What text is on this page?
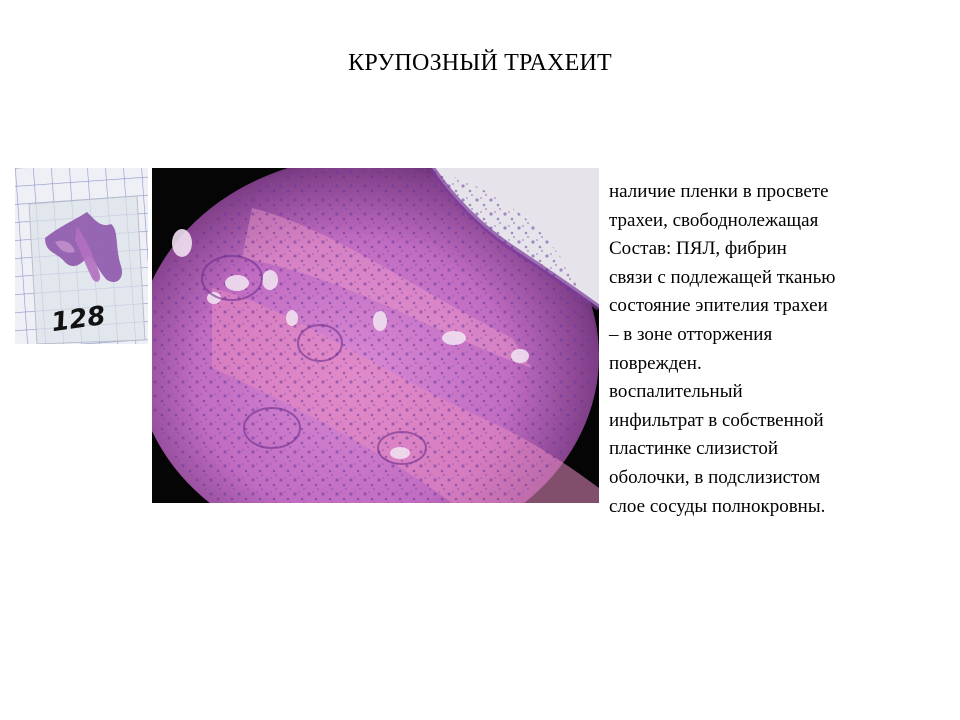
КРУПОЗНЫЙ ТРАХЕИТ
128
наличие пленки в просвете
трахеи, свободнолежащая
Состав: ПЯЛ, фибрин
связи с подлежащей тканью
состояние эпителия трахеи
– в зоне отторжения
поврежден.
воспалительный
инфильтрат в собственной
пластинке слизистой
оболочки, в подслизистом
слое сосуды полнокровны.
